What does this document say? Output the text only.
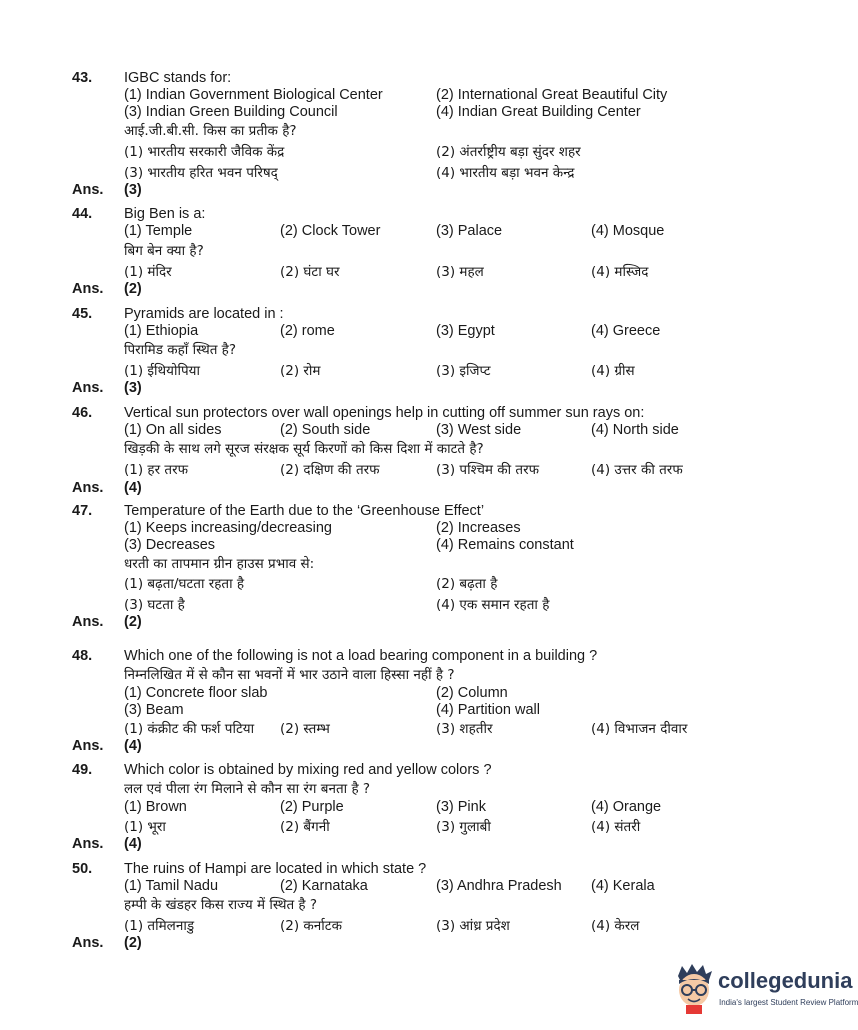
43. IGBC stands for:
(1) Indian Government Biological Center	(2) International Great Beautiful City
(3) Indian Green Building Council	(4) Indian Great Building Center
आई.जी.बी.सी. किस का प्रतीक है?
(1) भारतीय सरकारी जैविक केंद्र	(2) अंतर्राष्ट्रीय बड़ा सुंदर शहर
(3) भारतीय हरित भवन परिषद्	(4) भारतीय बड़ा भवन केन्द्र
Ans. (3)
44. Big Ben is a:
(1) Temple	(2) Clock Tower	(3) Palace	(4) Mosque
बिग बेन क्या है?
(1) मंदिर	(2) घंटा घर	(3) महल	(4) मस्जिद
Ans. (2)
45. Pyramids are located in :
(1) Ethiopia	(2) rome	(3) Egypt	(4) Greece
पिरामिड कहाँ स्थित है?
(1) ईथियोपिया	(2) रोम	(3) इजिप्ट	(4) ग्रीस
Ans. (3)
46. Vertical sun protectors over wall openings help in cutting off summer sun rays on:
(1) On all sides	(2) South side	(3) West side	(4) North side
खिड़की के साथ लगे सूरज संरक्षक सूर्य किरणों को किस दिशा में काटते है?
(1) हर तरफ	(2) दक्षिण की तरफ	(3) पश्चिम की तरफ	(4) उत्तर की तरफ
Ans. (4)
47. Temperature of the Earth due to the ‘Greenhouse Effect’
(1) Keeps increasing/decreasing	(2) Increases
(3) Decreases	(4) Remains constant
धरती का तापमान ग्रीन हाउस प्रभाव से:
(1) बढ़ता/घटता रहता है	(2) बढ़ता है
(3) घटता है	(4) एक समान रहता है
Ans. (2)
48. Which one of the following is not a load bearing component in a building ?
निम्नलिखित में से कौन सा भवनों में भार उठाने वाला हिस्सा नहीं है ?
(1) Concrete floor slab	(2) Column
(3) Beam	(4) Partition wall
(1) कंक्रीट की फर्श पटिया (2) स्तम्भ	(3) शहतीर	(4) विभाजन दीवार
Ans. (4)
49. Which color is obtained by mixing red and yellow colors ?
लल एवं पीला रंग मिलाने से कौन सा रंग बनता है ?
(1) Brown	(2) Purple	(3) Pink	(4) Orange
(1) भूरा	(2) बैंगनी	(3) गुलाबी	(4) संतरी
Ans. (4)
50. The ruins of Hampi are located in which state ?
(1) Tamil Nadu	(2) Karnataka	(3) Andhra Pradesh (4) Kerala
हम्पी के खंडहर किस राज्य में स्थित है ?
(1) तमिलनाडु	(2) कर्नाटक	(3) आंध्र प्रदेश	(4) केरल
Ans. (2)
collegedunia
India's largest Student Review Platform
